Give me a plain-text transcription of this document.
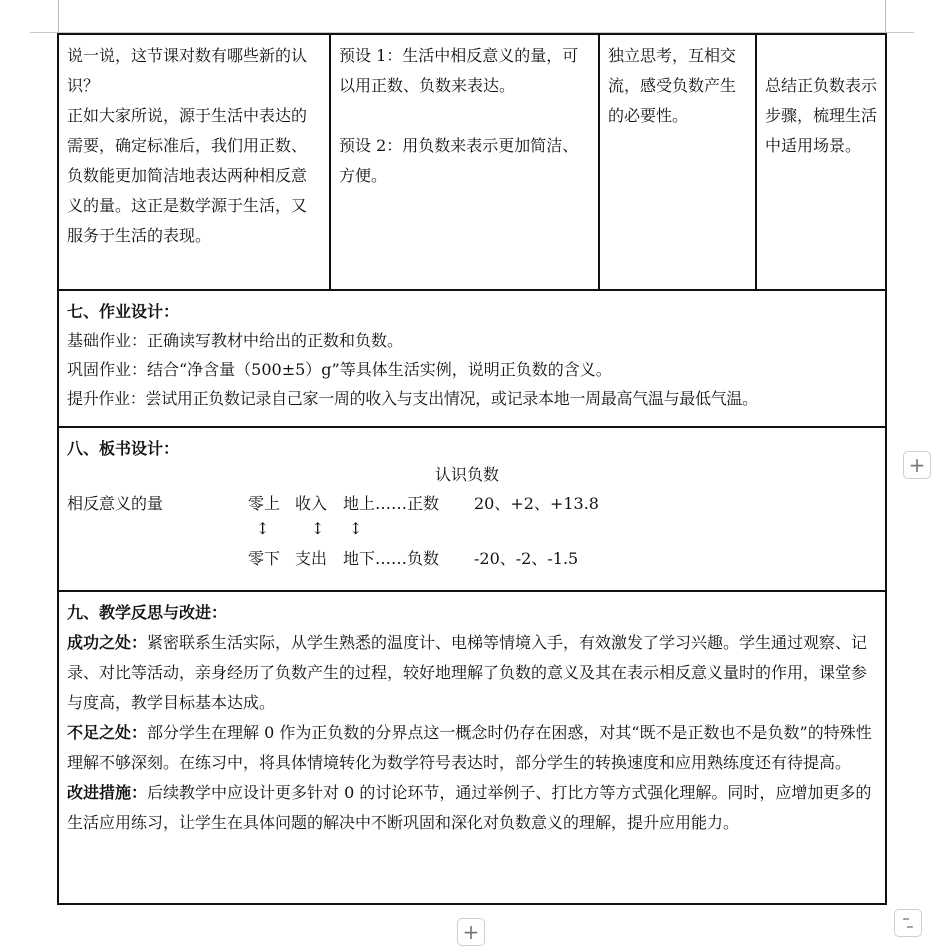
说一说，这节课对数有哪些新的认识？
正如大家所说，源于生活中表达的需要，确定标准后，我们用正数、负数能更加简洁地表达两种相反意义的量。这正是数学源于生活，又服务于生活的表现。
预设 1：生活中相反意义的量，可以用正数、负数来表达。
预设 2：用负数来表示更加简洁、方便。
独立思考，互相交流，感受负数产生的必要性。
总结正负数表示步骤，梳理生活中适用场景。
七、作业设计：
基础作业：正确读写教材中给出的正数和负数。
巩固作业：结合“净含量（500±5）g”等具体生活实例，说明正负数的含义。
提升作业：尝试用正负数记录自己家一周的收入与支出情况，或记录本地一周最高气温与最低气温。
八、板书设计：
认识负数
相反意义的量	零上 收入 地上……正数 20、+2、+13.8
↕	↕ ↕
零下 支出 地下……负数 -20、-2、-1.5
九、教学反思与改进：
成功之处：紧密联系生活实际，从学生熟悉的温度计、电梯等情境入手，有效激发了学习兴趣。学生通过观察、记录、对比等活动，亲身经历了负数产生的过程，较好地理解了负数的意义及其在表示相反意义量时的作用，课堂参与度高，教学目标基本达成。
不足之处：部分学生在理解 0 作为正负数的分界点这一概念时仍存在困惑，对其“既不是正数也不是负数”的特殊性理解不够深刻。在练习中，将具体情境转化为数学符号表达时，部分学生的转换速度和应用熟练度还有待提高。
改进措施：后续教学中应设计更多针对 0 的讨论环节，通过举例子、打比方等方式强化理解。同时，应增加更多的生活应用练习，让学生在具体问题的解决中不断巩固和深化对负数意义的理解，提升应用能力。
+
+
